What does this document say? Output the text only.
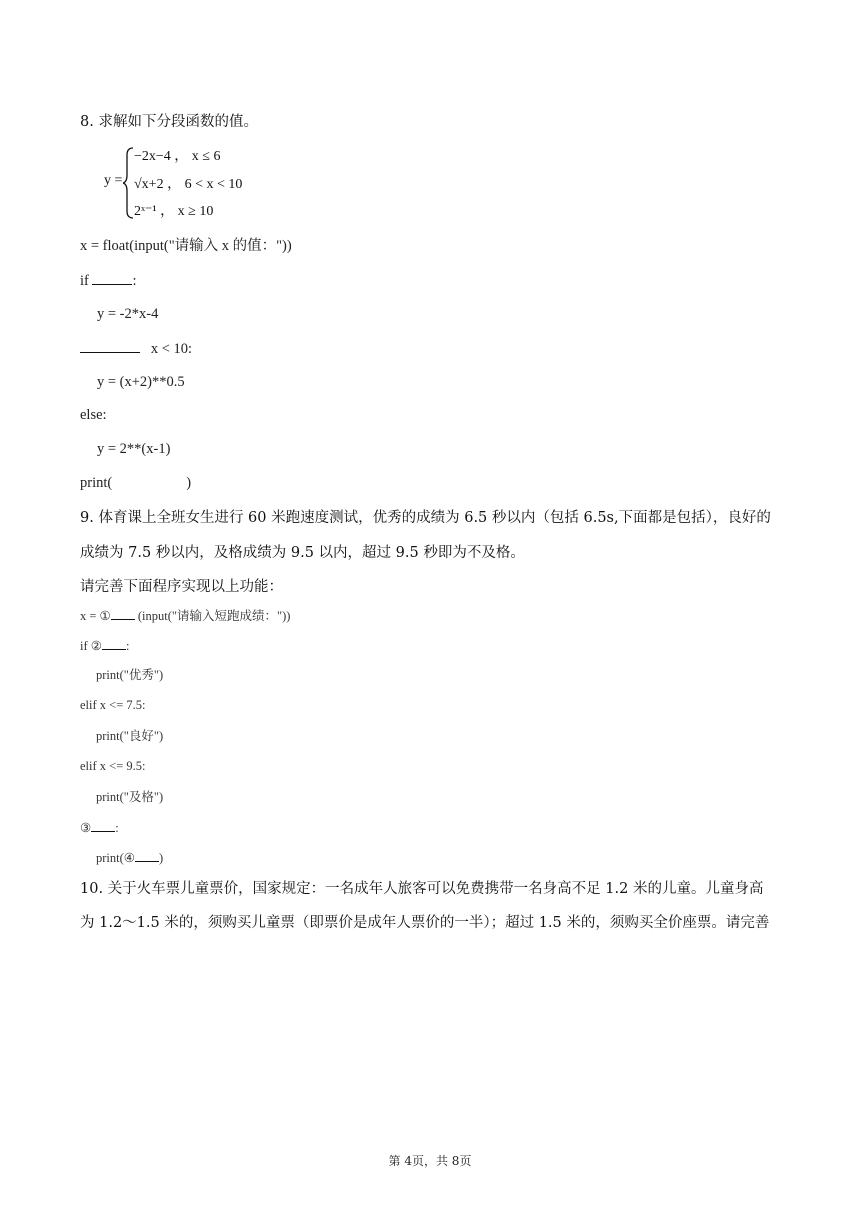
8. 求解如下分段函数的值。
y =
−2x−4 ， x ≤ 6
√x+2 ， 6 < x < 10
2ˣ⁻¹ ， x ≥ 10
x = float(input("请输入 x 的值："))
if	:
y = -2*x-4
x < 10:
y = (x+2)**0.5
else:
y = 2**(x-1)
print(	)
9. 体育课上全班女生进行 60 米跑速度测试，优秀的成绩为 6.5 秒以内（包括 6.5s,下面都是包括），良好的
成绩为 7.5 秒以内，及格成绩为 9.5 以内，超过 9.5 秒即为不及格。
请完善下面程序实现以上功能：
x = ① (input("请输入短跑成绩："))
if ② :
print("优秀")
elif x <= 7.5:
print("良好")
elif x <= 9.5:
print("及格")
③ :
print(④ )
10. 关于火车票儿童票价，国家规定：一名成年人旅客可以免费携带一名身高不足 1.2 米的儿童。儿童身高
为 1.2～1.5 米的，须购买儿童票（即票价是成年人票价的一半）；超过 1.5 米的，须购买全价座票。请完善
第 4页，共 8页
